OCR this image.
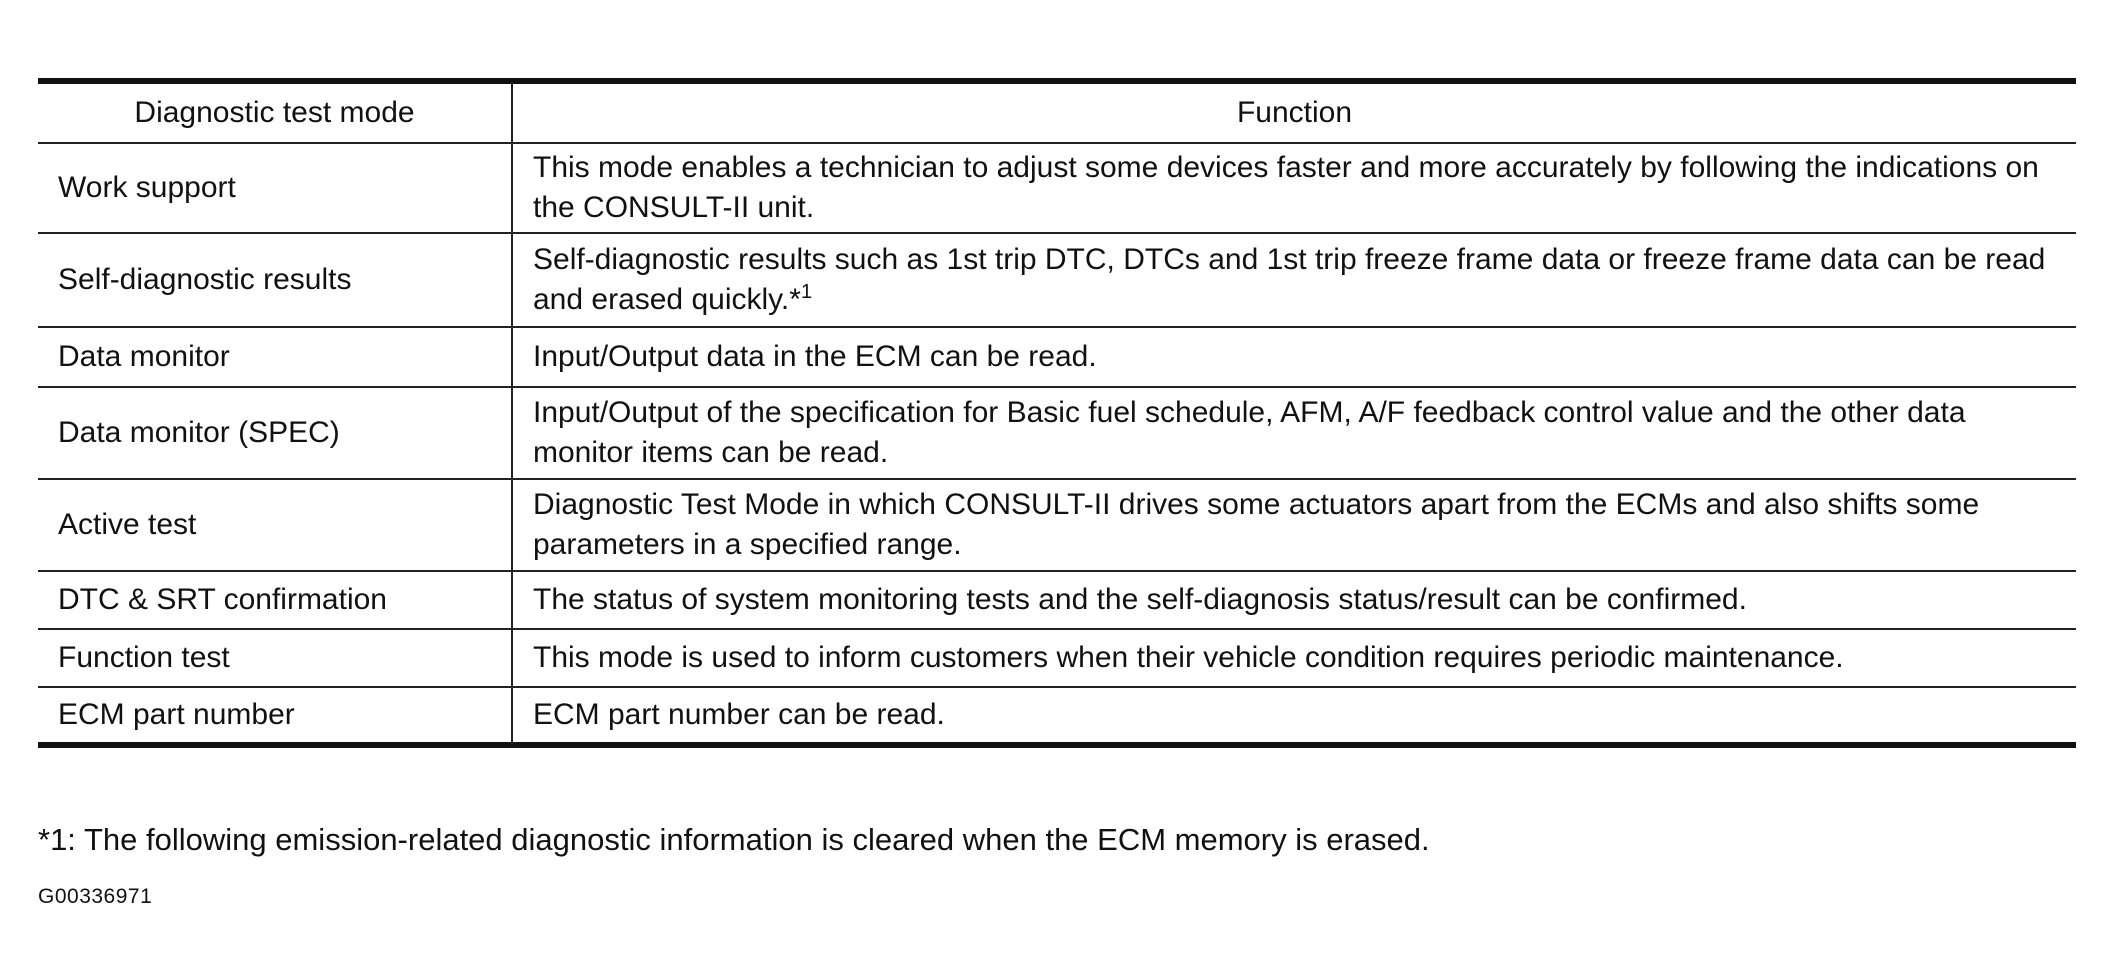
Diagnostic test mode	Function
Work support	This mode enables a technician to adjust some devices faster and more accurately by following the indications on the CONSULT-II unit.
Self-diagnostic results	Self-diagnostic results such as 1st trip DTC, DTCs and 1st trip freeze frame data or freeze frame data can be read and erased quickly.*$^1$
Data monitor	Input/Output data in the ECM can be read.
Data monitor (SPEC)	Input/Output of the specification for Basic fuel schedule, AFM, A/F feedback control value and the other data monitor items can be read.
Active test	Diagnostic Test Mode in which CONSULT-II drives some actuators apart from the ECMs and also shifts some parameters in a specified range.
DTC & SRT confirmation	The status of system monitoring tests and the self-diagnosis status/result can be confirmed.
Function test	This mode is used to inform customers when their vehicle condition requires periodic maintenance.
ECM part number	ECM part number can be read.
*1: The following emission-related diagnostic information is cleared when the ECM memory is erased.
G00336971
